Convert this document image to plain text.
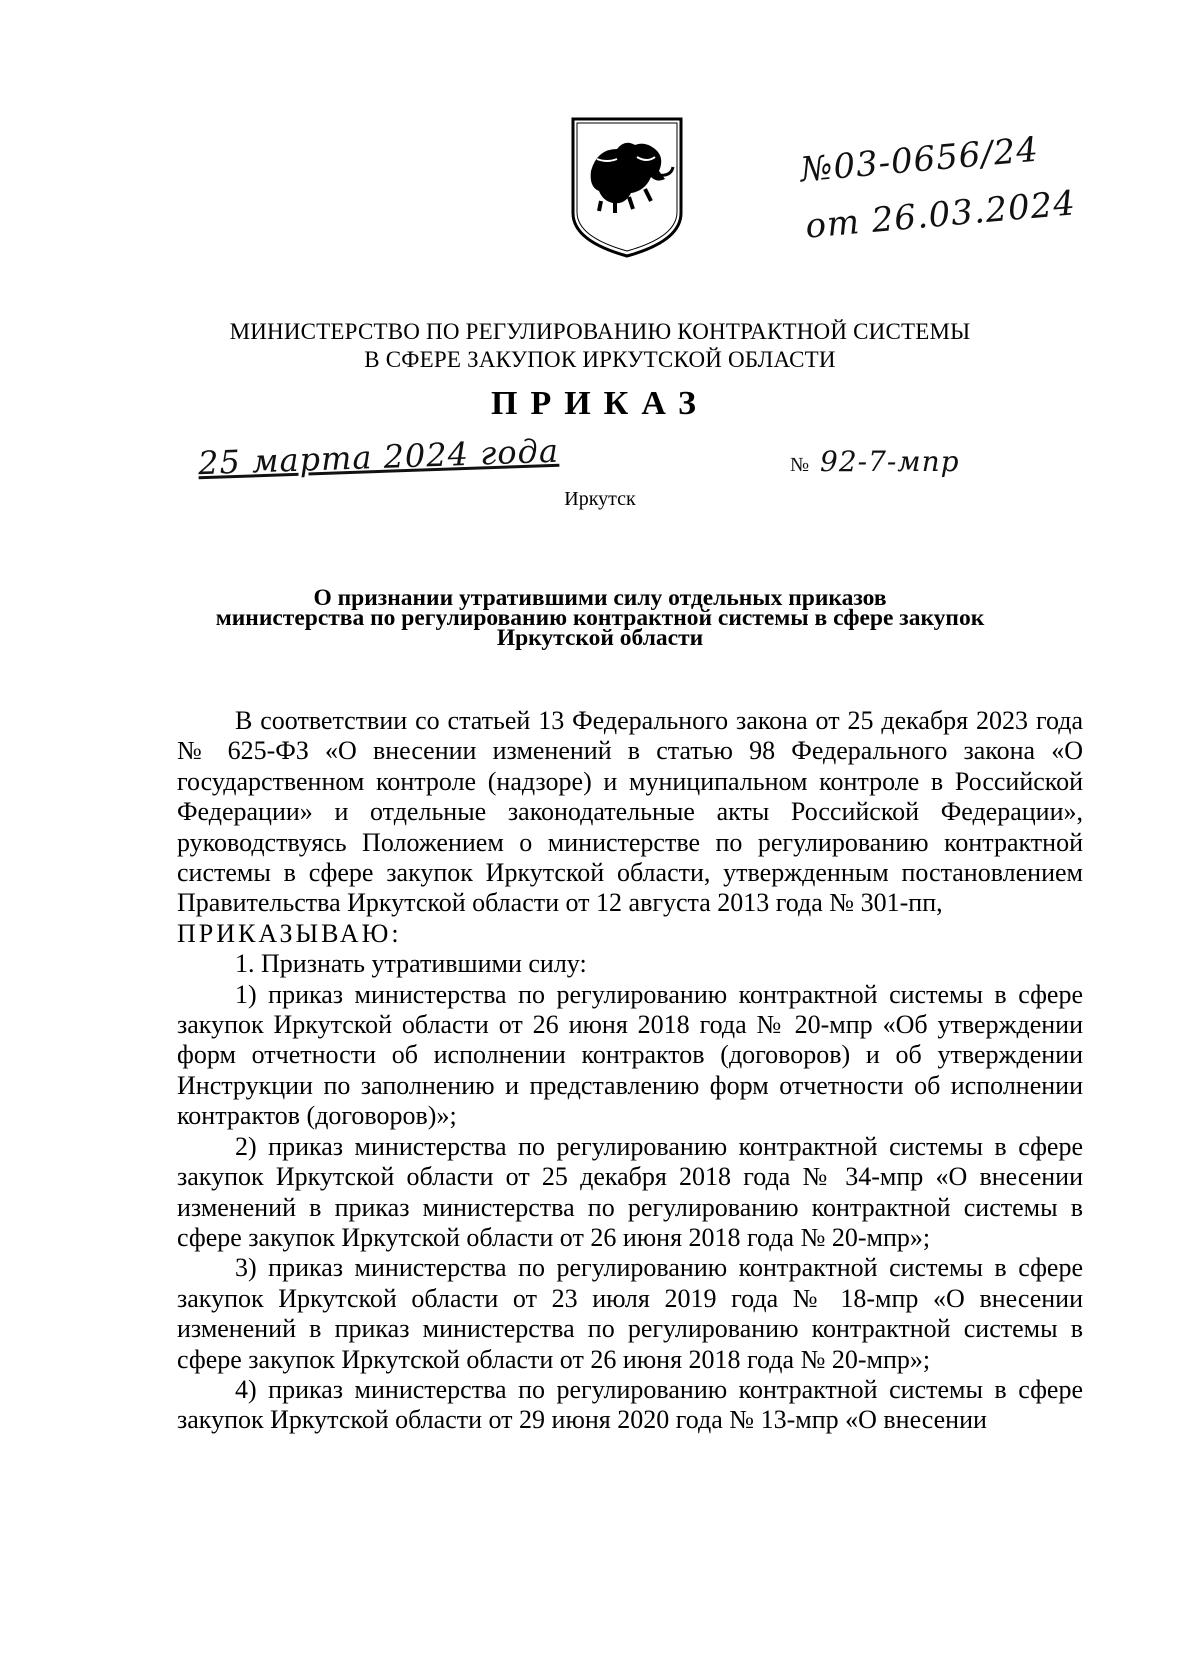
№03-0656/24
от 26.03.2024
МИНИСТЕРСТВО ПО РЕГУЛИРОВАНИЮ КОНТРАКТНОЙ СИСТЕМЫ
В СФЕРЕ ЗАКУПОК ИРКУТСКОЙ ОБЛАСТИ
ПРИКАЗ
25 марта 2024 года	№ 92-7-мпр
Иркутск
О признании утратившими силу отдельных приказов
министерства по регулированию контрактной системы в сфере закупок
Иркутской области

В соответствии со статьей 13 Федерального закона от 25 декабря 2023 года № 625-ФЗ «О внесении изменений в статью 98 Федерального закона «О государственном контроле (надзоре) и муниципальном контроле в Российской Федерации» и отдельные законодательные акты Российской Федерации», руководствуясь Положением о министерстве по регулированию контрактной системы в сфере закупок Иркутской области, утвержденным постановлением Правительства Иркутской области от 12 августа 2013 года № 301-пп,

ПРИКАЗЫВАЮ:

1. Признать утратившими силу:

1) приказ министерства по регулированию контрактной системы в сфере закупок Иркутской области от 26 июня 2018 года № 20-мпр «Об утверждении форм отчетности об исполнении контрактов (договоров) и об утверждении Инструкции по заполнению и представлению форм отчетности об исполнении контрактов (договоров)»;

2) приказ министерства по регулированию контрактной системы в сфере закупок Иркутской области от 25 декабря 2018 года № 34-мпр «О внесении изменений в приказ министерства по регулированию контрактной системы в сфере закупок Иркутской области от 26 июня 2018 года № 20-мпр»;

3) приказ министерства по регулированию контрактной системы в сфере закупок Иркутской области от 23 июля 2019 года № 18-мпр «О внесении изменений в приказ министерства по регулированию контрактной системы в сфере закупок Иркутской области от 26 июня 2018 года № 20-мпр»;

4) приказ министерства по регулированию контрактной системы в сфере закупок Иркутской области от 29 июня 2020 года № 13-мпр «О внесении
